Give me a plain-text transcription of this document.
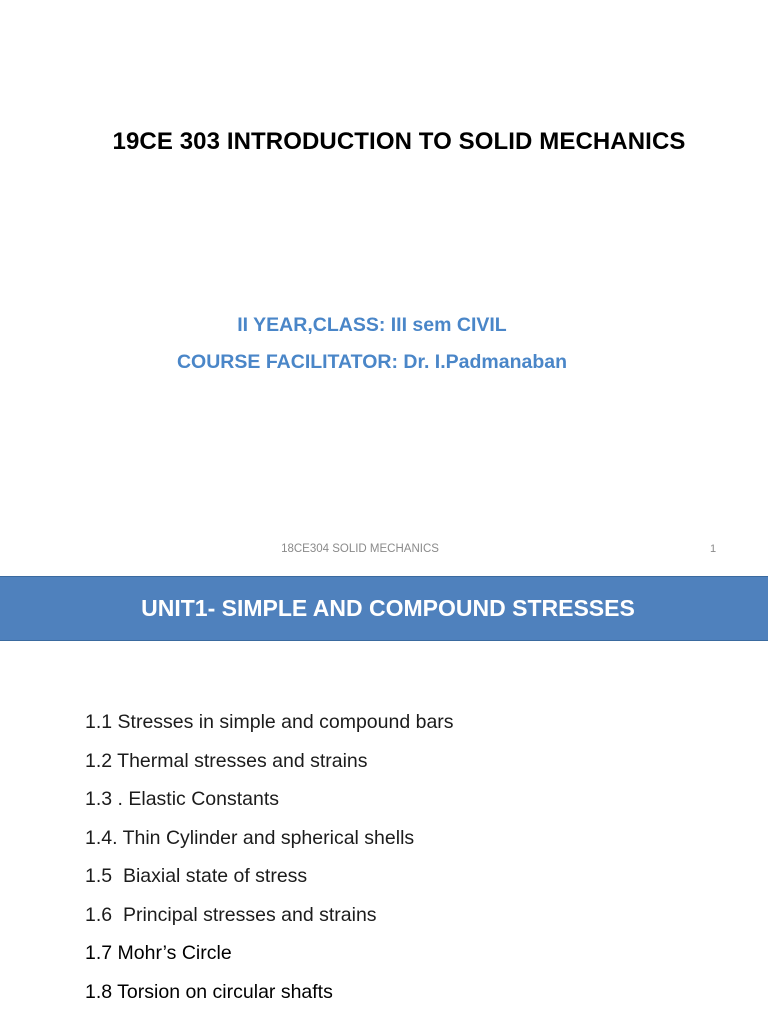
19CE 303 INTRODUCTION TO SOLID MECHANICS
II YEAR,CLASS: III sem CIVIL
COURSE FACILITATOR: Dr. I.Padmanaban
18CE304 SOLID MECHANICS	1
UNIT1- SIMPLE AND COMPOUND STRESSES
1.1 Stresses in simple and compound bars
1.2 Thermal stresses and strains
1.3 . Elastic Constants
1.4. Thin Cylinder and spherical shells
1.5  Biaxial state of stress
1.6  Principal stresses and strains
1.7 Mohr’s Circle
1.8 Torsion on circular shafts
